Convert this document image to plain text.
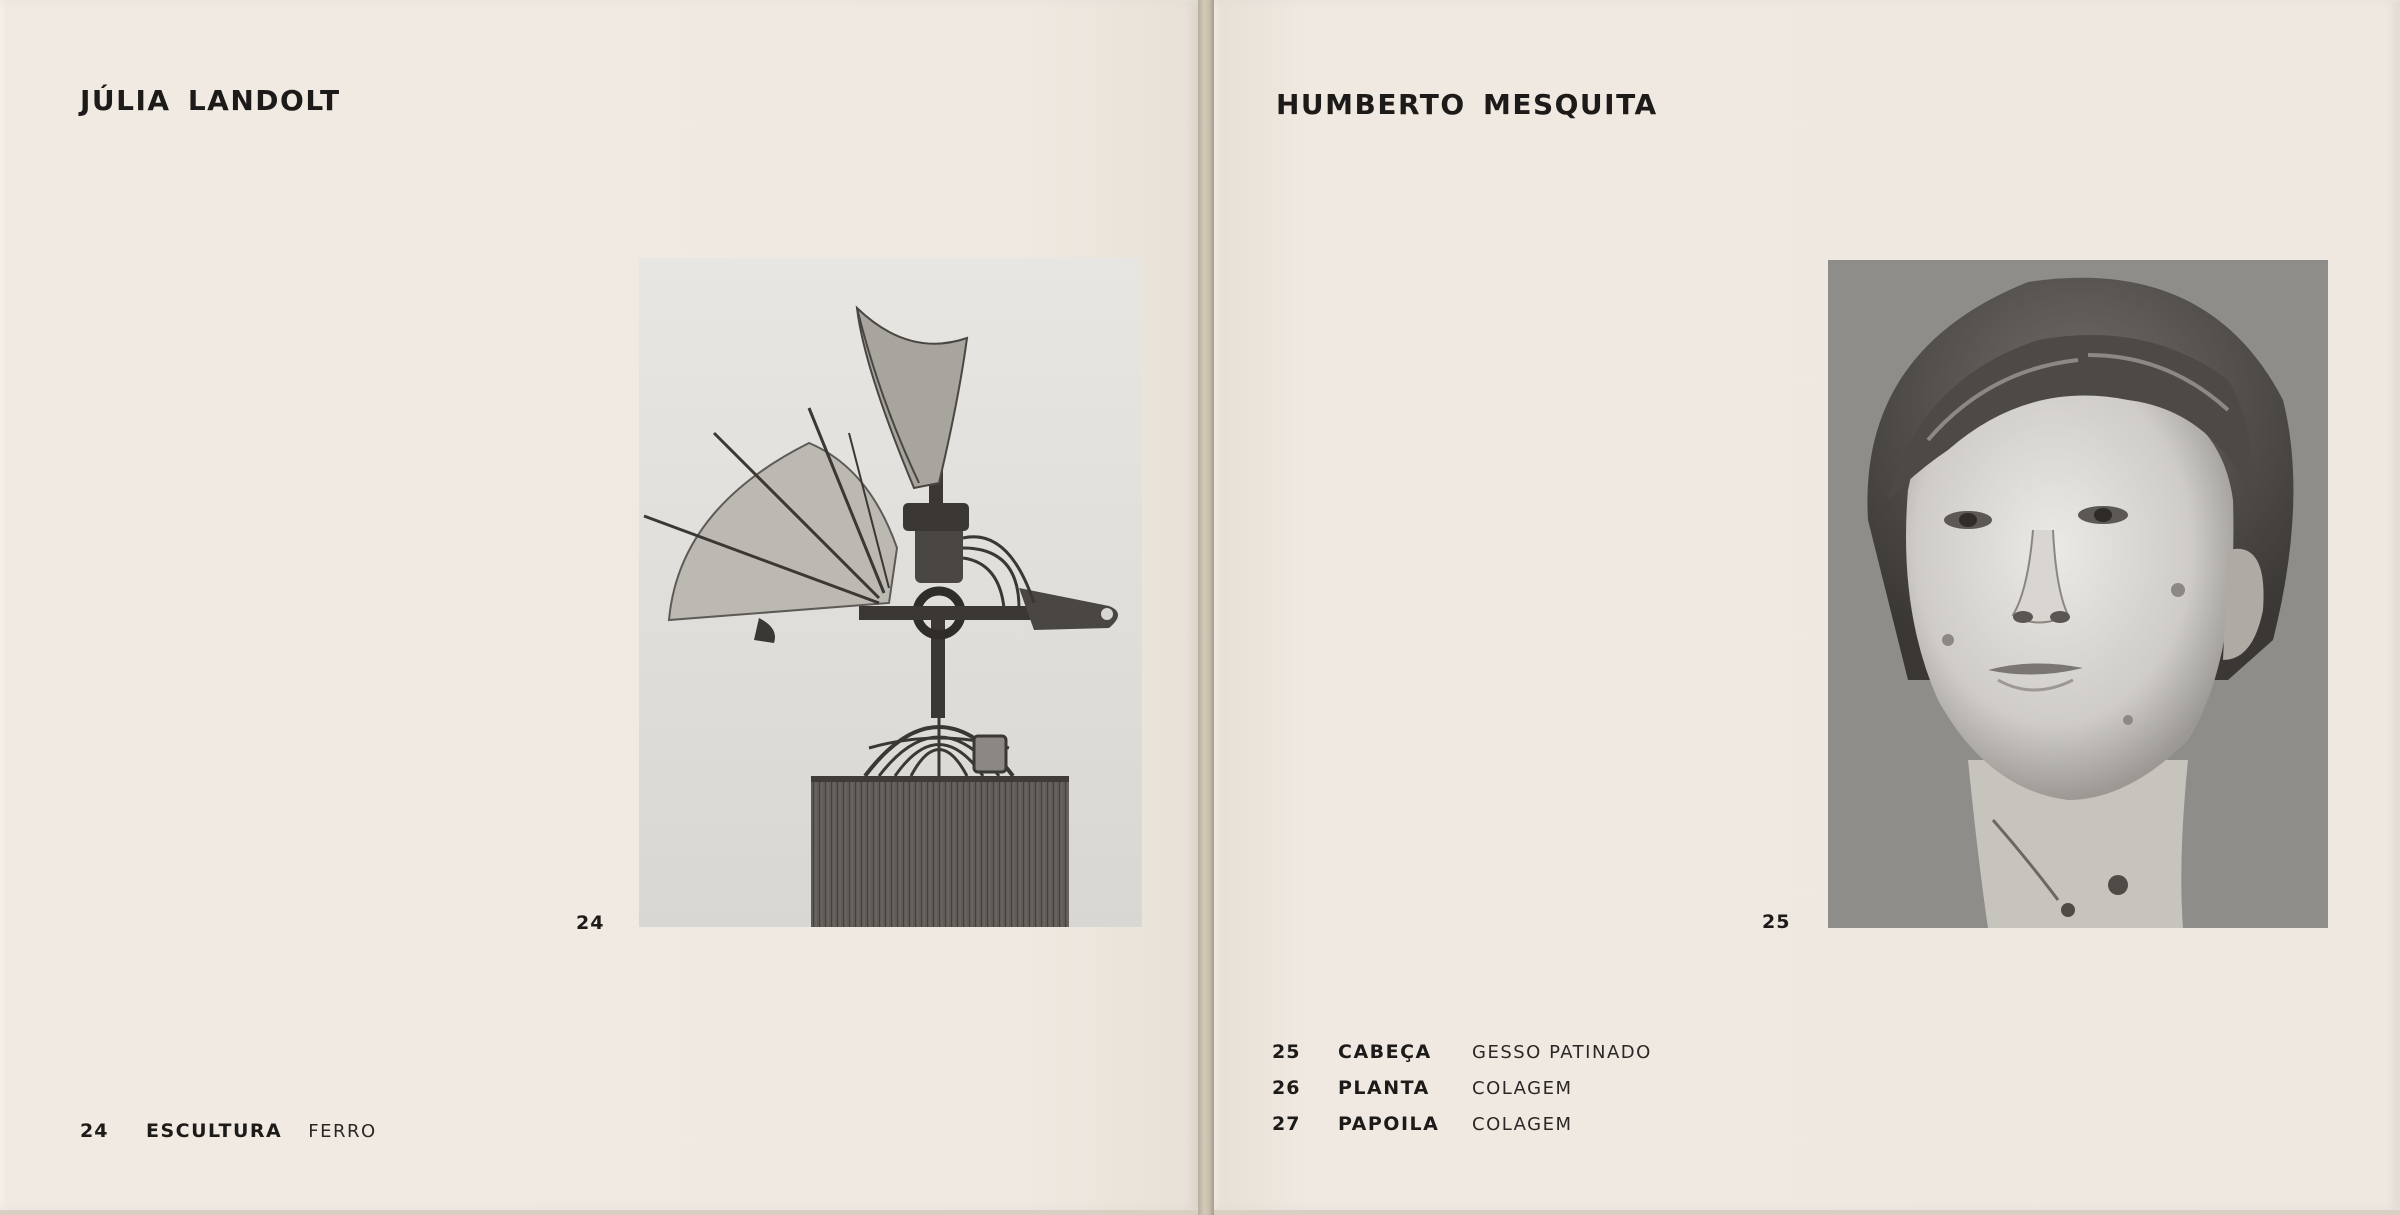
JÚLIA LANDOLT
24
24 ESCULTURA FERRO
HUMBERTO MESQUITA
25
25 CABEÇA GESSO PATINADO
26 PLANTA COLAGEM
27 PAPOILA COLAGEM
